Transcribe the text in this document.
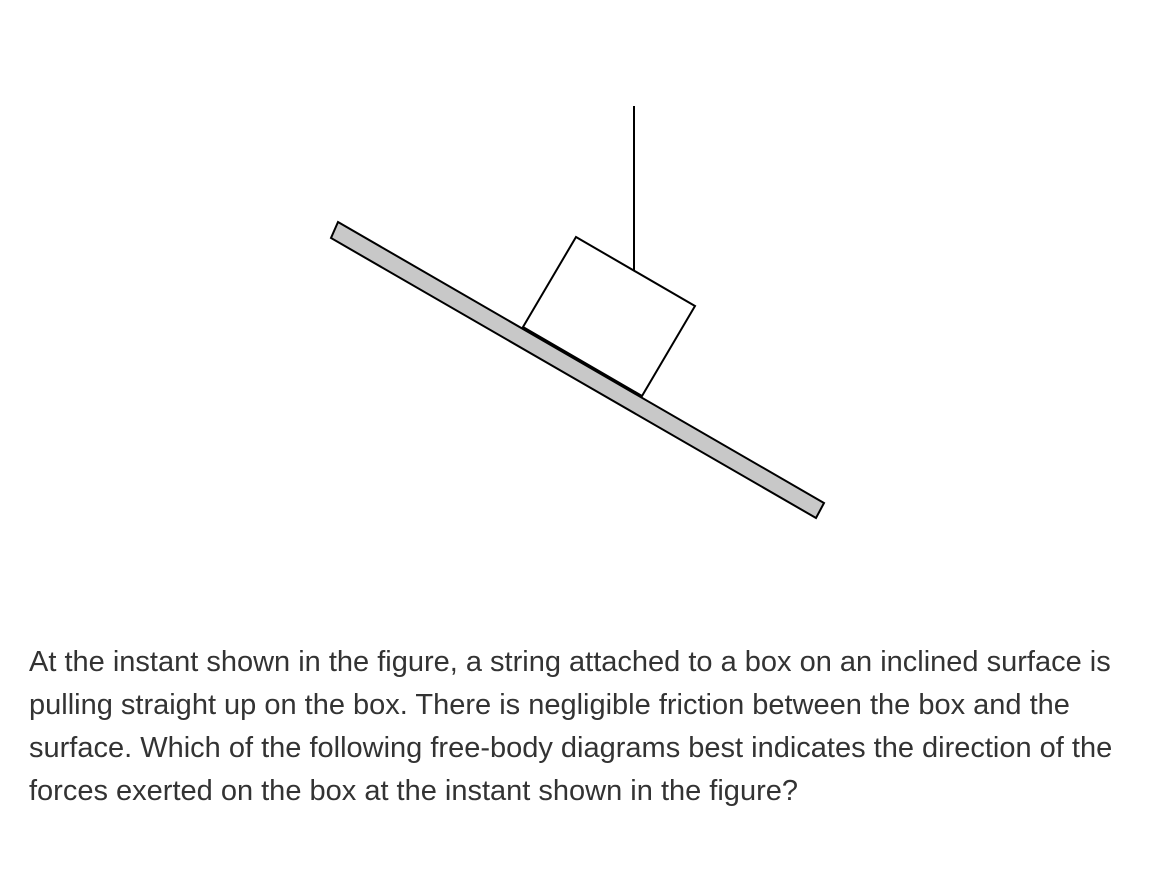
At the instant shown in the figure, a string attached to a box on an inclined surface is pulling straight up on the box. There is negligible friction between the box and the surface. Which of the following free-body diagrams best indicates the direction of the forces exerted on the box at the instant shown in the figure?
